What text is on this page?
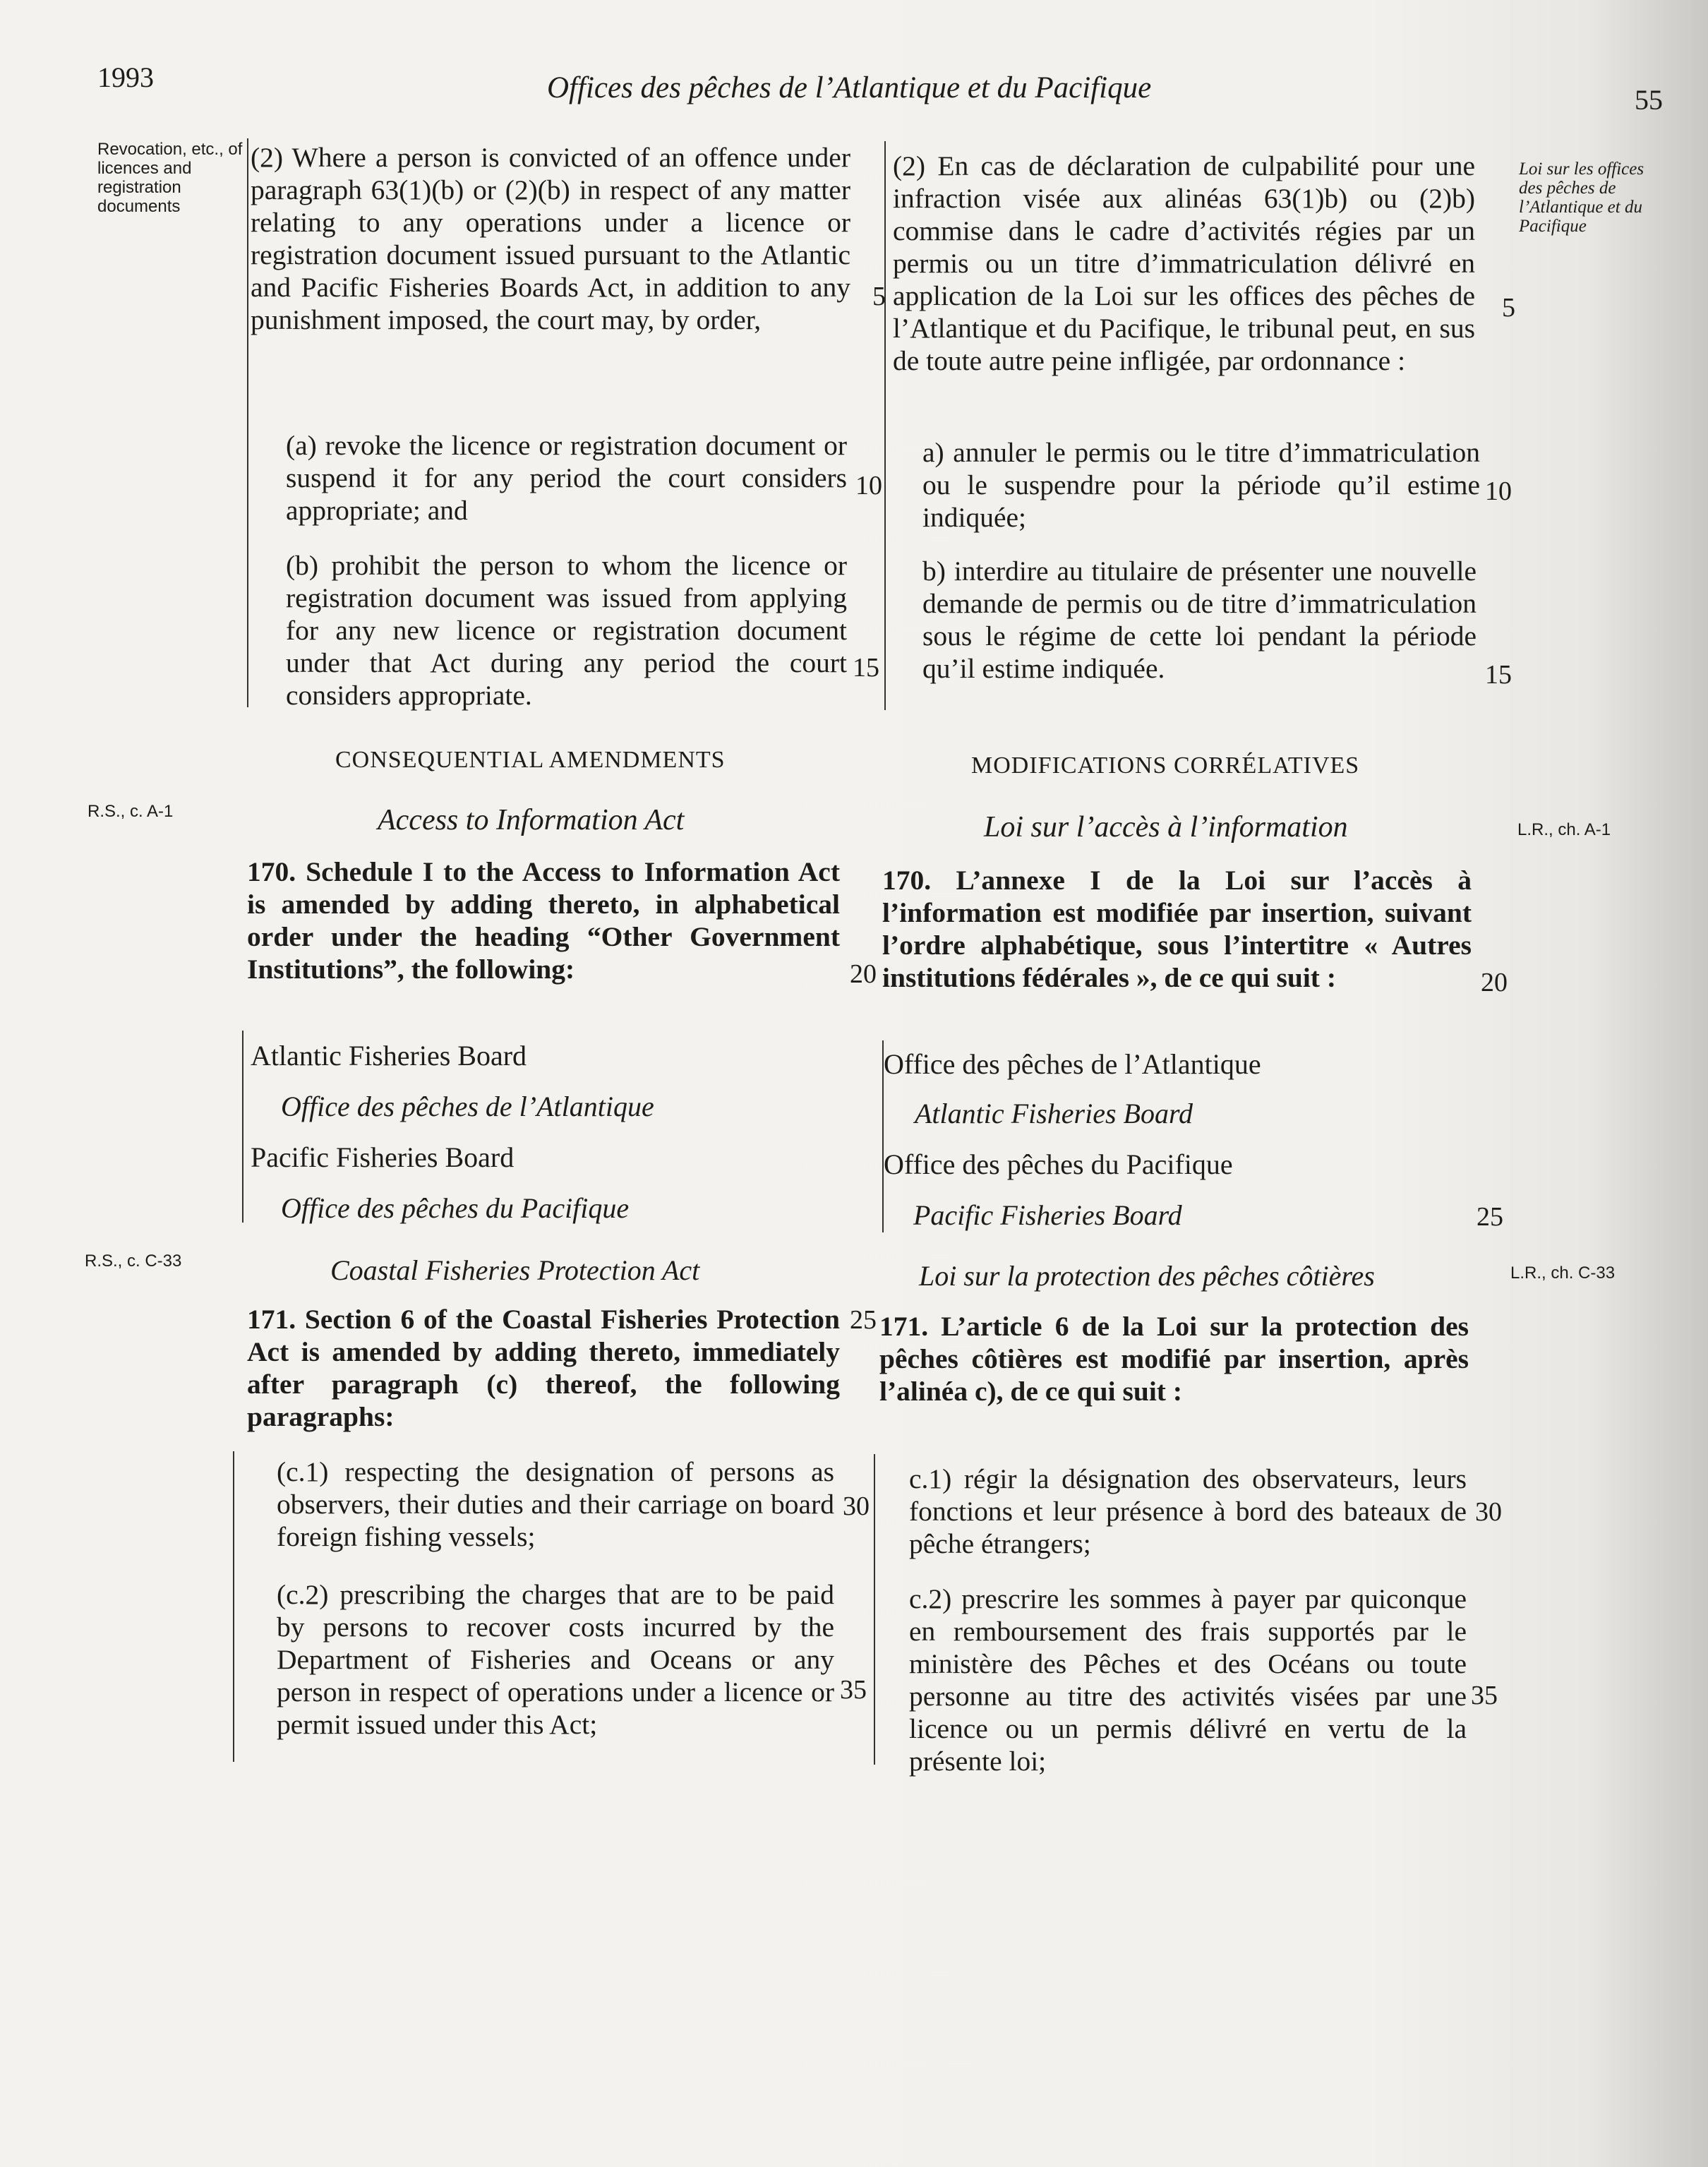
1993	Offices des pêches de l’Atlantique et du Pacifique	55
Revocation, etc., of licences and registration documents
Loi sur les offices des pêches de l’Atlantique et du Pacifique
R.S., c. A-1
L.R., ch. A-1
R.S., c. C-33
L.R., ch. C-33
5	5
10	10
15	15
20	20
25
25
30	30
35	35

(2) Where a person is convicted of an offence under paragraph 63(1)(b) or (2)(b) in respect of any matter relating to any operations under a licence or registration document issued pursuant to the Atlantic and Pacific Fisheries Boards Act, in addition to any punishment imposed, the court may, by order,

(a) revoke the licence or registration document or suspend it for any period the court considers appropriate; and

(b) prohibit the person to whom the licence or registration document was issued from applying for any new licence or registration document under that Act during any period the court considers appropriate.

CONSEQUENTIAL AMENDMENTS
Access to Information Act

170. Schedule I to the Access to Information Act is amended by adding thereto, in alphabetical order under the heading “Other Government Institutions”, the following:

Atlantic Fisheries Board
Office des pêches de l’Atlantique
Pacific Fisheries Board
Office des pêches du Pacifique
Coastal Fisheries Protection Act

171. Section 6 of the Coastal Fisheries Protection Act is amended by adding thereto, immediately after paragraph (c) thereof, the following paragraphs:

(c.1) respecting the designation of persons as observers, their duties and their carriage on board foreign fishing vessels;

(c.2) prescribing the charges that are to be paid by persons to recover costs incurred by the Department of Fisheries and Oceans or any person in respect of operations under a licence or permit issued under this Act;

(2) En cas de déclaration de culpabilité pour une infraction visée aux alinéas 63(1)b) ou (2)b) commise dans le cadre d’activités régies par un permis ou un titre d’immatriculation délivré en application de la Loi sur les offices des pêches de l’Atlantique et du Pacifique, le tribunal peut, en sus de toute autre peine infligée, par ordonnance :

a) annuler le permis ou le titre d’immatriculation ou le suspendre pour la période qu’il estime indiquée;

b) interdire au titulaire de présenter une nouvelle demande de permis ou de titre d’immatriculation sous le régime de cette loi pendant la période qu’il estime indiquée.

MODIFICATIONS CORRÉLATIVES
Loi sur l’accès à l’information

170. L’annexe I de la Loi sur l’accès à l’information est modifiée par insertion, suivant l’ordre alphabétique, sous l’intertitre « Autres institutions fédérales », de ce qui suit :

Office des pêches de l’Atlantique
Atlantic Fisheries Board
Office des pêches du Pacifique
Pacific Fisheries Board
Loi sur la protection des pêches côtières

171. L’article 6 de la Loi sur la protection des pêches côtières est modifié par insertion, après l’alinéa c), de ce qui suit :

c.1) régir la désignation des observateurs, leurs fonctions et leur présence à bord des bateaux de pêche étrangers;

c.2) prescrire les sommes à payer par quiconque en remboursement des frais supportés par le ministère des Pêches et des Océans ou toute personne au titre des activités visées par une licence ou un permis délivré en vertu de la présente loi;
